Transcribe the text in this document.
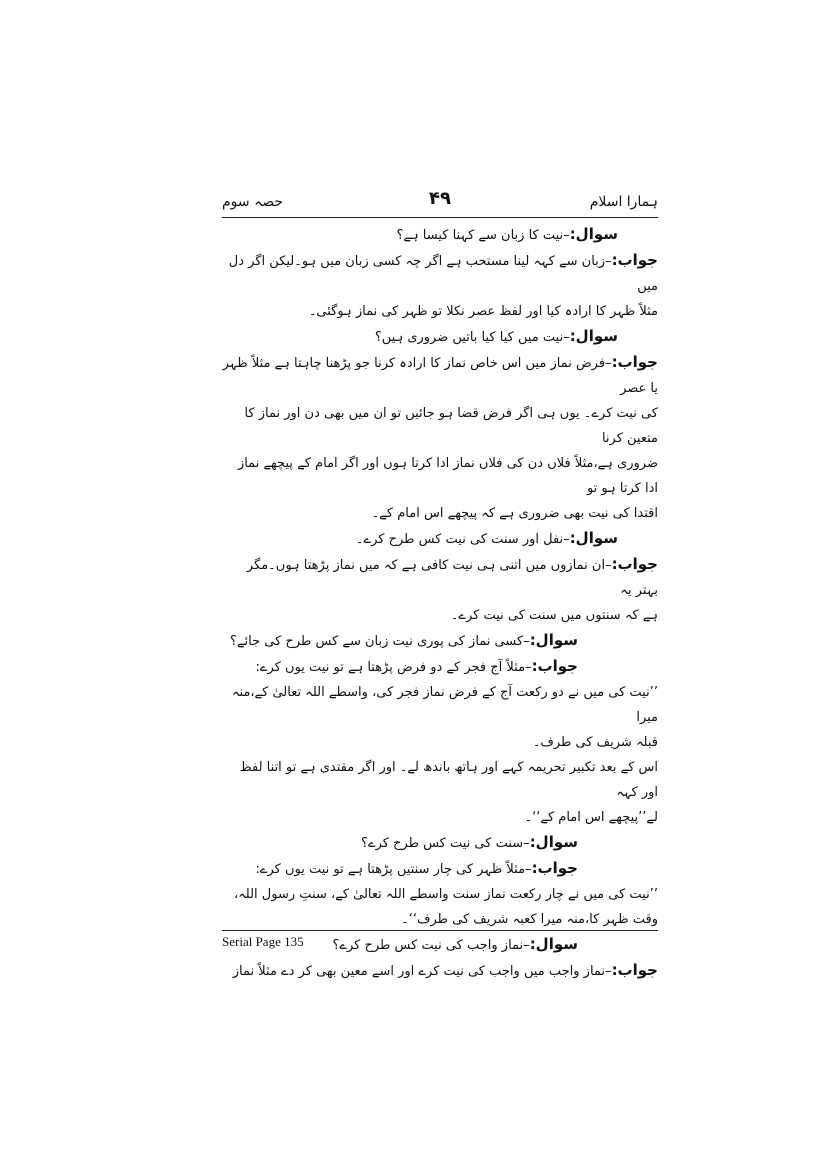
ہمارا اسلام
۴۹
حصہ سوم

سوال:–نیت کا زبان سے کہنا کیسا ہے؟

جواب:–زبان سے کہہ لینا مستحب ہے اگر چہ کسی زبان میں ہو۔لیکن اگر دل میں

مثلاً ظہر کا ارادہ کیا اور لفظ عصر نکلا تو ظہر کی نماز ہوگئی۔

سوال:–نیت میں کیا کیا باتیں ضروری ہیں؟

جواب:–فرض نماز میں اس خاص نماز کا ارادہ کرنا جو پڑھنا چاہتا ہے مثلاً ظہر یا عصر

کی نیت کرے۔ یوں ہی اگر فرض قضا ہو جائیں تو ان میں بھی دن اور نماز کا متعین کرنا

ضروری ہے،مثلاً فلاں دن کی فلاں نماز ادا کرتا ہوں اور اگر امام کے پیچھے نماز ادا کرتا ہو تو

اقتدا کی نیت بھی ضروری ہے کہ پیچھے اس امام کے۔

سوال:–نفل اور سنت کی نیت کس طرح کرے۔

جواب:–ان نمازوں میں اتنی ہی نیت کافی ہے کہ میں نماز پڑھتا ہوں۔مگر بہتر یہ

ہے کہ سنتوں میں سنت کی نیت کرے۔

سوال:–کسی نماز کی پوری نیت زبان سے کس طرح کی جائے؟

جواب:–مثلاً آج فجر کے دو فرض پڑھتا ہے تو نیت یوں کرے:

’’نیت کی میں نے دو رکعت آج کے فرض نماز فجر کی، واسطے اللہ تعالیٰ کے،منہ میرا

قبلہ شریف کی طرف۔

اس کے بعد تکبیر تحریمہ کہے اور ہاتھ باندھ لے۔ اور اگر مقتدی ہے تو اتنا لفظ اور کہہ

لے’’پیچھے اس امام کے‘‘۔

سوال:–سنت کی نیت کس طرح کرے؟

جواب:–مثلاً ظہر کی چار سنتیں پڑھتا ہے تو نیت یوں کرے:

’’نیت کی میں نے چار رکعت نماز سنت واسطے اللہ تعالیٰ کے، سنتِ رسول اللہ،

وقت ظہر کا،منہ میرا کعبہ شریف کی طرف‘‘۔

سوال:–نماز واجب کی نیت کس طرح کرے؟

جواب:–نماز واجب میں واجب کی نیت کرے اور اسے معین بھی کر دے مثلاً نماز

Serial Page 135
